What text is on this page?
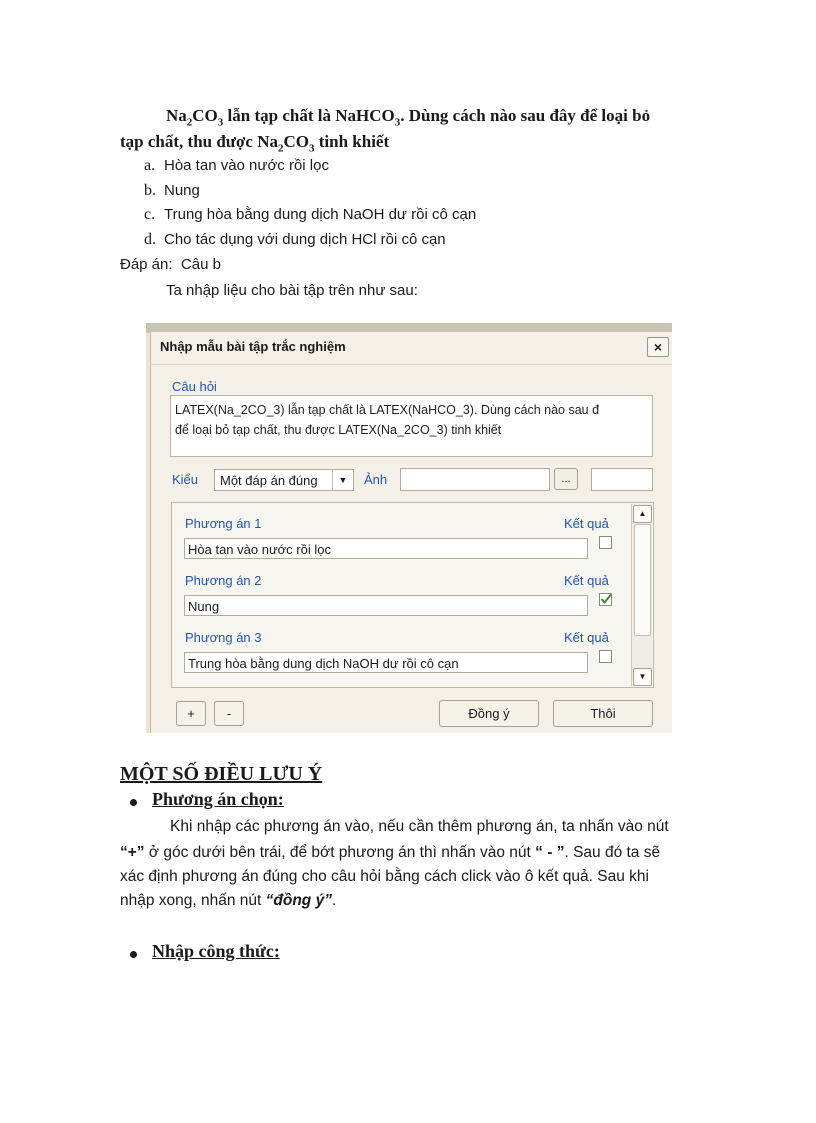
$Na_2CO_3$ lẫn tạp chất là NaHCO$_3$. Dùng cách nào sau đây để loại bỏ
tạp chất, thu được $Na_2CO_3$ tinh khiết
a. Hòa tan vào nước rồi lọc
b. Nung
c. Trung hòa bằng dung dịch NaOH dư rồi cô cạn
d. Cho tác dụng với dung dịch HCl rồi cô cạn
Đáp án: Câu b
Ta nhập liệu cho bài tập trên như sau:
Nhập mẫu bài tập trắc nghiệm	×
Câu hỏi
LATEX(Na_2CO_3) lẫn tạp chất là LATEX(NaHCO_3). Dùng cách nào sau đ
để loại bỏ tạp chất, thu được LATEX(Na_2CO_3) tinh khiết
Kiểu Một đáp án đúng	▼	Ảnh	...
Phương án 1	Kết quả
Hòa tan vào nước rồi lọc
Phương án 2	Kết quả
Nung
Phương án 3	Kết quả
Trung hòa bằng dung dịch NaOH dư rồi cô cạn
▲
▼
+	-	Đồng ý	Thôi
MỘT SỐ ĐIỀU LƯU Ý
Phương án chọn:
Khi nhập các phương án vào, nếu cần thêm phương án, ta nhấn vào nút
“+” ở góc dưới bên trái, để bớt phương án thì nhấn vào nút “ - ”. Sau đó ta sẽ
xác định phương án đúng cho câu hỏi bằng cách click vào ô kết quả. Sau khi
nhập xong, nhấn nút “đồng ý”.
Nhập công thức:
